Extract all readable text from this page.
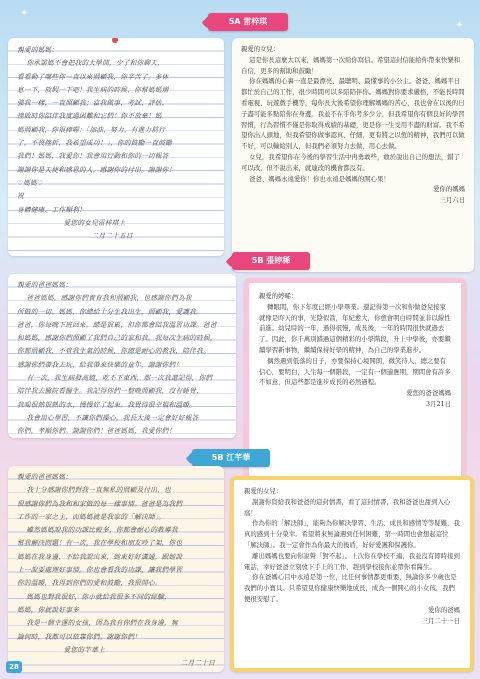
✦
✦
5A 雷梓琪

親愛的媽媽：
你承諾媽不會把我的大學開，少了和你聊天，
看看動了哪些你一直以來照顧我，你辛苦了。多休
息一下，放假一下吧！我生病的時候，你幫媽媽增
強我一樣，一直照顧我；當我做事、考試、評估、
挫敗時你陪伴我度過困難和它們！你不放棄！媽
媽照顧我，你很棒喔：「加油，努力，有進力前行
了，不畏挫折，我希望成功！」，你的鼓勵一直鼓勵
我們！媽媽，我愛你！我會用行動和你的一切報答
謝謝你是天使和感恩的人，感謝你的付出。謝謝你！
♡媽媽♡
祝
身體健康、工作順利！
愛您的女兒雷梓琪上
二月二十五日

親愛的女兒：
這是你長這麼大以來，媽媽第一次給你寫信。希望這封信能給你帶來快樂和自信，更多的幫助和鼓勵！
你在媽媽的心裏一直是最漂亮、最聰明、最懂事的小公主。爸爸、媽媽平日都忙於自己的工作，很少時間可以多陪陪伴你。媽媽對你要求嚴格，不能長時間看電視、玩遊戲手機等，每你長大後希望你理解媽媽的苦心，我也會在以後的日子盡可能多點陪你在身邊。我並不在乎你考多少分，但我希望你有個良好的學習習慣，行為習慣不僅是你取得成績的基礎，更是你一生受用不盡的財富。我不希望你出人頭地，但我希望你做事認真、仔細，更有將之以恆的精神，我們可以做不好，可以輸給別人，但我們必須努力去做，用心去做。
女兒，我希望你在今後的學習生活中再勇敢些，敢於說出自己的想法，錯了可以改，但不說出來，就連改的機會都沒有。
爸爸、媽媽永遠愛你！你也永遠是媽媽的開心果！

愛你的媽媽

三月六日

5B 張婷稀

親愛的爸爸媽媽：
爸爸媽媽，感謝你們養育我和照顧我，也感謝你們為我
所做的一切。媽媽，你總給十分生我出生，照顧我，愛護我。
爸爸，你每晚下班回來，總是很累，但你都會陪我溫習功課。爸爸
和媽媽，感謝你們照顧了我們自己的家和我。我每次生病的時候，
你都照顧我，不管我生氣的時候，你總是耐心的教我，陪伴我。
感謝你們帶我去玩，給我帶來快樂的童年，謝謝你們！
有一次，我生病發高燒，吃不下東西，那一次我還記得，你們
陪伴我去醫院看醫生。我記得你們一整晚照顧我，沒有睡覺，
我喝很熱很熱的水，慢慢好了起來。我覺得很幸福和溫暖。
我會用心學習，不讓你們操心，我長大後一定會好好報答
你們，孝順你們。謝謝你們！爸爸媽媽，我愛你們！

親愛的婷晞：
轉眼間，你下年度已經小學畢業。還記得第一次和你做爸兒接家就像是昨天的事，光陰似箭，年紀愈大，你愈會明白時間並非以線性前進。幼兒時的一年，過得很慢，成長後，一年的時間很快就過去了。因此，你千萬別錯過這個精彩的小學階段，升上中學後，亦要繼續學習新事物，繼續保持好學的精神，為自己的學業進步。
偶然遇到低落的日子，亦要保持心境開朗，微笑待人，總之要有信心，要明白，人生每一個階段，一定有一個適應期，期間會有許多不如意，但這些都是進步成長的必然過程。

愛您的爸爸媽媽

3月21日

5B 江芊華

親愛的爸爸媽媽：
我十分感謝你們對我一直無私的照顧及付出，也
很感謝你們為我和和家做的每一樣事情。爸爸是為我們
工作的一家之主，而媽媽就是我家的「解決師」。
雖然媽媽說我的功課比較多，你都會耐心的教導我
幫我解決問題！有一次，我在學校和朋友吵了架，你也
媽媽在我身邊，不給我說出來，她來好好溝通，跟她說
上一說要處理好事情。你也會看我的功課，讓我們學習
你的溫暖，我得到你們的愛和鼓勵，我很開心。
媽媽也對我很好，你小就給我很多不同的經驗，
媽媽，你就說好事多
我是一個幸運的女孩，因為我有你們在我身邊，無
論何時，我都可以依靠你們。謝謝你們！
愛您的芊華上

二月二十日

親愛的女兒：
謝謝你寫給我和爸爸的這封情書，看了這封情書，我和爸爸也甜到入心窩！
作為你的「解決師」，能夠為你解決學習、生活、成長和感情等等疑難，我真的感到十分榮幸。希望將來無論遇到任何困難，第一時間也會想起這位「解決師」。我一定會作為你最大的後盾，好好愛護和保護你。
離出媽媽也要向你說聲「對不起」。上次你在學校不適，我並沒有即時接到電話，幸好爸爸立刻放下手上的工作，趕到學校接你並帶你看醫生。
你在爸媽心目中永遠是第一位，比任何事情都更重要，無論你多少歲也是我們的小寶貝。只希望見你健康快樂地成長，成為一個開心的小女孩，我們便很安慰了。

愛你的爸媽

三月二十一日

28
